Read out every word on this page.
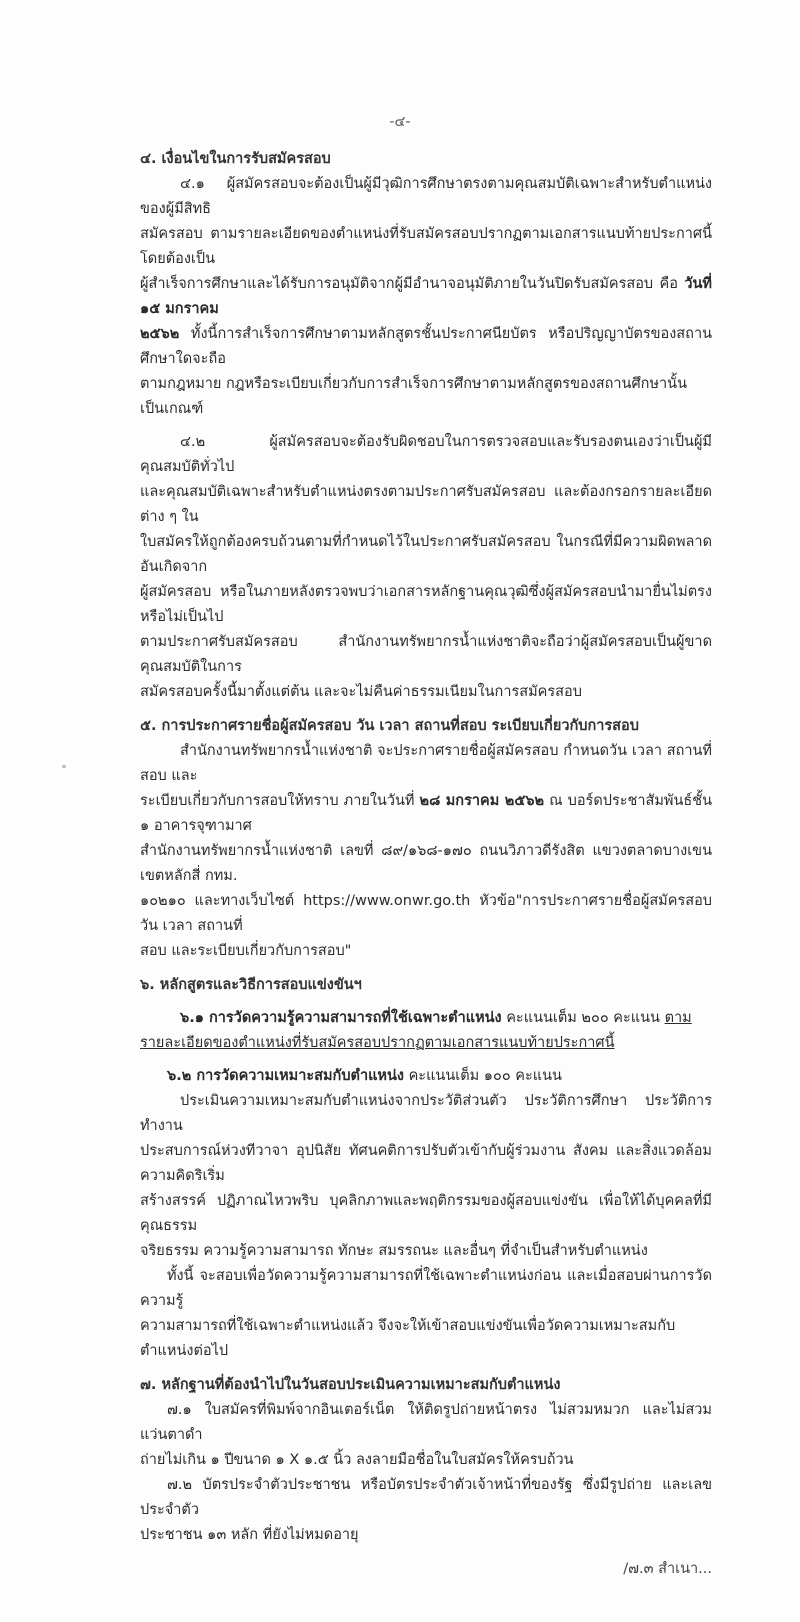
-๔-
๔. เงื่อนไขในการรับสมัครสอบ
๔.๑ ผู้สมัครสอบจะต้องเป็นผู้มีวุฒิการศึกษาตรงตามคุณสมบัติเฉพาะสำหรับตำแหน่งของผู้มีสิทธิ
สมัครสอบ ตามรายละเอียดของตำแหน่งที่รับสมัครสอบปรากฏตามเอกสารแนบท้ายประกาศนี้ โดยต้องเป็น
ผู้สำเร็จการศึกษาและได้รับการอนุมัติจากผู้มีอำนาจอนุมัติภายในวันปิดรับสมัครสอบ คือ วันที่ ๑๕ มกราคม
๒๕๖๒ ทั้งนี้การสำเร็จการศึกษาตามหลักสูตรชั้นประกาศนียบัตร หรือปริญญาบัตรของสถานศึกษาใดจะถือ
ตามกฎหมาย กฎหรือระเบียบเกี่ยวกับการสำเร็จการศึกษาตามหลักสูตรของสถานศึกษานั้น เป็นเกณฑ์
๔.๒ ผู้สมัครสอบจะต้องรับผิดชอบในการตรวจสอบและรับรองตนเองว่าเป็นผู้มีคุณสมบัติทั่วไป
และคุณสมบัติเฉพาะสำหรับตำแหน่งตรงตามประกาศรับสมัครสอบ และต้องกรอกรายละเอียดต่าง ๆ ใน
ใบสมัครให้ถูกต้องครบถ้วนตามที่กำหนดไว้ในประกาศรับสมัครสอบ ในกรณีที่มีความผิดพลาดอันเกิดจาก
ผู้สมัครสอบ หรือในภายหลังตรวจพบว่าเอกสารหลักฐานคุณวุฒิซึ่งผู้สมัครสอบนำมายื่นไม่ตรงหรือไม่เป็นไป
ตามประกาศรับสมัครสอบ สำนักงานทรัพยากรน้ำแห่งชาติจะถือว่าผู้สมัครสอบเป็นผู้ขาดคุณสมบัติในการ
สมัครสอบครั้งนี้มาตั้งแต่ต้น และจะไม่คืนค่าธรรมเนียมในการสมัครสอบ
๕. การประกาศรายชื่อผู้สมัครสอบ วัน เวลา สถานที่สอบ ระเบียบเกี่ยวกับการสอบ
สำนักงานทรัพยากรน้ำแห่งชาติ จะประกาศรายชื่อผู้สมัครสอบ กำหนดวัน เวลา สถานที่สอบ และ
ระเบียบเกี่ยวกับการสอบให้ทราบ ภายในวันที่ ๒๘ มกราคม ๒๕๖๒ ณ บอร์ดประชาสัมพันธ์ชั้น ๑ อาคารจุฑามาศ
สำนักงานทรัพยากรน้ำแห่งชาติ เลขที่ ๘๙/๑๖๘-๑๗๐ ถนนวิภาวดีรังสิต แขวงตลาดบางเขน เขตหลักสี่ กทม.
๑๐๒๑๐ และทางเว็บไซต์ https://www.onwr.go.th หัวข้อ"การประกาศรายชื่อผู้สมัครสอบ วัน เวลา สถานที่
สอบ และระเบียบเกี่ยวกับการสอบ"
๖. หลักสูตรและวิธีการสอบแข่งขันฯ
๖.๑ การวัดความรู้ความสามารถที่ใช้เฉพาะตำแหน่ง คะแนนเต็ม ๒๐๐ คะแนน ตาม
รายละเอียดของตำแหน่งที่รับสมัครสอบปรากฏตามเอกสารแนบท้ายประกาศนี้
๖.๒ การวัดความเหมาะสมกับตำแหน่ง คะแนนเต็ม ๑๐๐ คะแนน
ประเมินความเหมาะสมกับตำแหน่งจากประวัติส่วนตัว ประวัติการศึกษา ประวัติการทำงาน
ประสบการณ์ห่วงทีวาจา อุปนิสัย ทัศนคติการปรับตัวเข้ากับผู้ร่วมงาน สังคม และสิ่งแวดล้อม ความคิดริเริ่ม
สร้างสรรค์ ปฏิภาณไหวพริบ บุคลิกภาพและพฤติกรรมของผู้สอบแข่งขัน เพื่อให้ได้บุคคลที่มีคุณธรรม
จริยธรรม ความรู้ความสามารถ ทักษะ สมรรถนะ และอื่นๆ ที่จำเป็นสำหรับตำแหน่ง
ทั้งนี้ จะสอบเพื่อวัดความรู้ความสามารถที่ใช้เฉพาะตำแหน่งก่อน และเมื่อสอบผ่านการวัดความรู้
ความสามารถที่ใช้เฉพาะตำแหน่งแล้ว จึงจะให้เข้าสอบแข่งขันเพื่อวัดความเหมาะสมกับตำแหน่งต่อไป
๗. หลักฐานที่ต้องนำไปในวันสอบประเมินความเหมาะสมกับตำแหน่ง
๗.๑ ใบสมัครที่พิมพ์จากอินเตอร์เน็ต ให้ติดรูปถ่ายหน้าตรง ไม่สวมหมวก และไม่สวมแว่นตาดำ
ถ่ายไม่เกิน ๑ ปีขนาด ๑ X ๑.๕ นิ้ว ลงลายมือชื่อในใบสมัครให้ครบถ้วน
๗.๒ บัตรประจำตัวประชาชน หรือบัตรประจำตัวเจ้าหน้าที่ของรัฐ ซึ่งมีรูปถ่าย และเลขประจำตัว
ประชาชน ๑๓ หลัก ที่ยังไม่หมดอายุ
/๗.๓ สำเนา...
